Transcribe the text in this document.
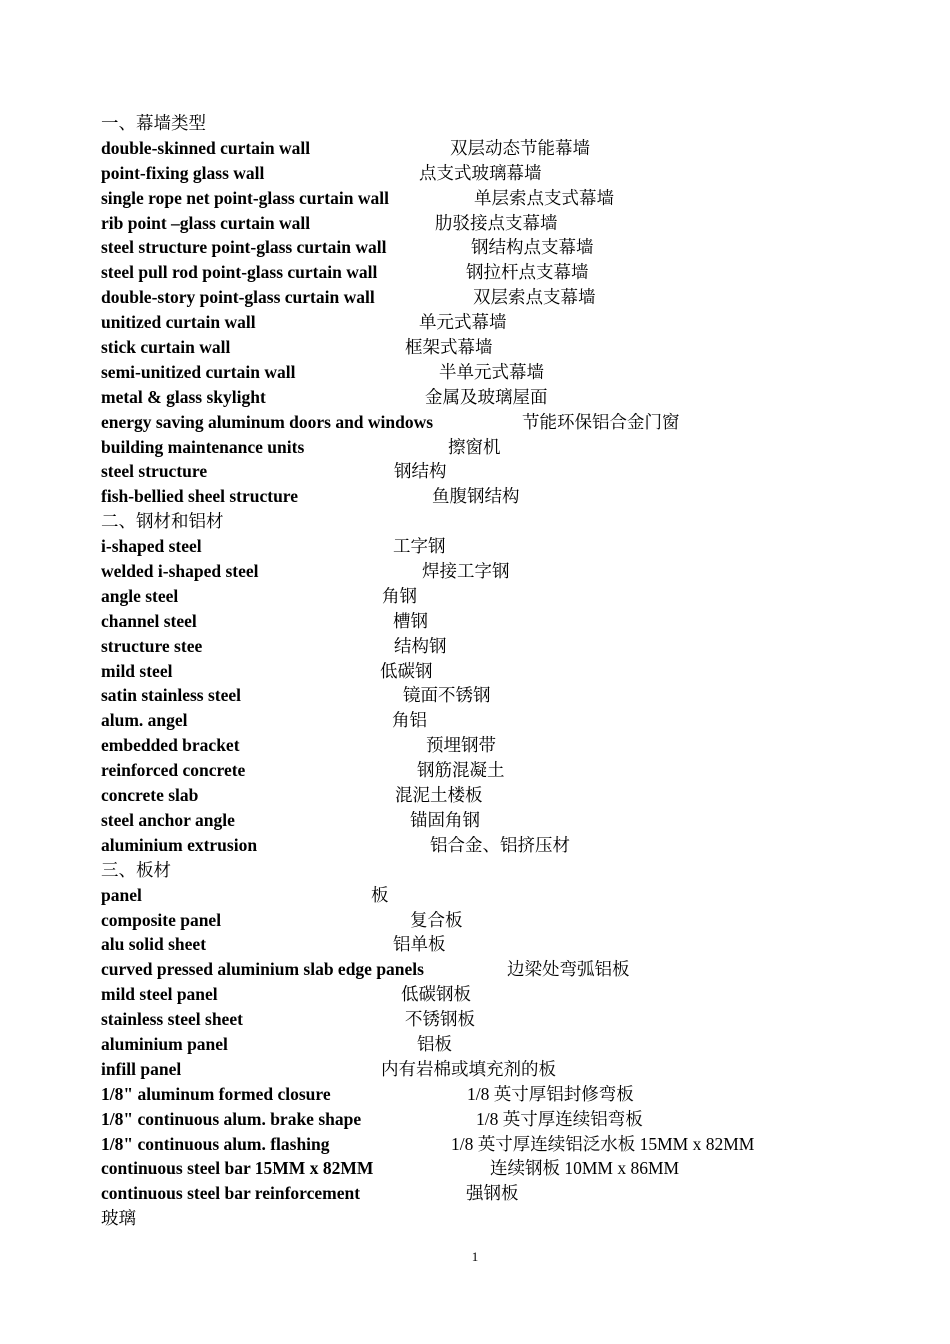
一、幕墙类型
double-skinned curtain wall	双层动态节能幕墙
point-fixing glass wall	点支式玻璃幕墙
single rope net point-glass curtain wall	单层索点支式幕墙
rib point –glass curtain wall	肋驳接点支幕墙
steel structure point-glass curtain wall	钢结构点支幕墙
steel pull rod point-glass curtain wall	钢拉杆点支幕墙
double-story point-glass curtain wall	双层索点支幕墙
unitized curtain wall	单元式幕墙
stick curtain wall	框架式幕墙
semi-unitized curtain wall	半单元式幕墙
metal & glass skylight	金属及玻璃屋面
energy saving aluminum doors and windows	节能环保铝合金门窗
building maintenance units	擦窗机
steel structure	钢结构
fish-bellied sheel structure	鱼腹钢结构
二、钢材和铝材
i-shaped steel	工字钢
welded i-shaped steel	焊接工字钢
angle steel	角钢
channel steel	槽钢
structure stee	结构钢
mild steel	低碳钢
satin stainless steel	镜面不锈钢
alum. angel	角铝
embedded bracket	预埋钢带
reinforced concrete	钢筋混凝土
concrete slab	混泥土楼板
steel anchor angle	锚固角钢
aluminium extrusion	铝合金、铝挤压材
三、板材
panel	板
composite panel	复合板
alu solid sheet	铝单板
curved pressed aluminium slab edge panels	边梁处弯弧铝板
mild steel panel	低碳钢板
stainless steel sheet	不锈钢板
aluminium panel	铝板
infill panel	内有岩棉或填充剂的板
1/8" aluminum formed closure	1/8 英寸厚铝封修弯板
1/8" continuous alum. brake shape	1/8 英寸厚连续铝弯板
1/8" continuous alum. flashing	1/8 英寸厚连续铝泛水板 15MM x 82MM
continuous steel bar 15MM x 82MM	连续钢板 10MM x 86MM
continuous steel bar reinforcement	强钢板
玻璃
1
